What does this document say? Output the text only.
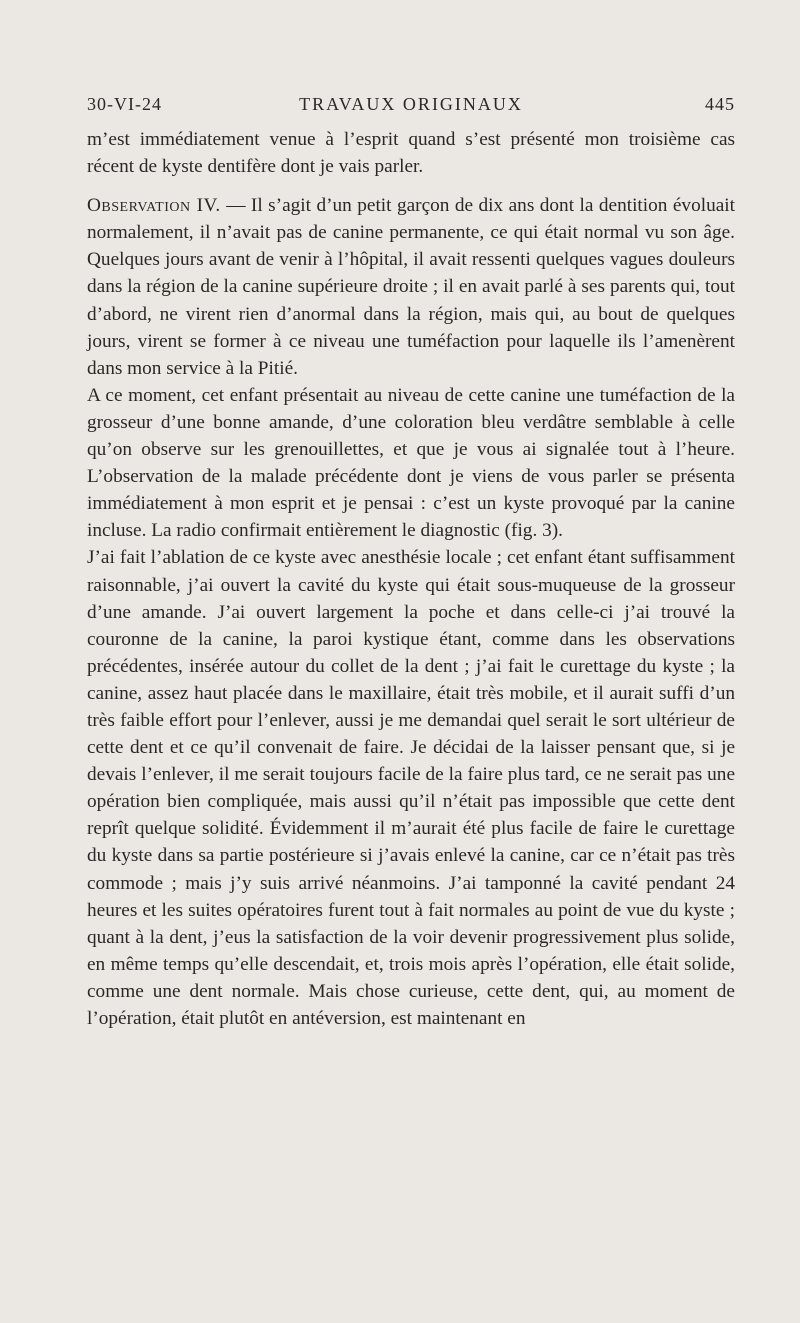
30-VI-24	TRAVAUX ORIGINAUX	445

m’est immédiatement venue à l’esprit quand s’est présenté mon troisième cas récent de kyste dentifère dont je vais parler.

Observation IV. — Il s’agit d’un petit garçon de dix ans dont la dentition évoluait normalement, il n’avait pas de canine permanente, ce qui était normal vu son âge. Quelques jours avant de venir à l’hôpital, il avait ressenti quelques vagues douleurs dans la région de la canine supérieure droite ; il en avait parlé à ses parents qui, tout d’abord, ne virent rien d’anormal dans la région, mais qui, au bout de quelques jours, virent se former à ce niveau une tuméfaction pour laquelle ils l’amenèrent dans mon service à la Pitié.

A ce moment, cet enfant présentait au niveau de cette canine une tuméfaction de la grosseur d’une bonne amande, d’une coloration bleu verdâtre semblable à celle qu’on observe sur les grenouillettes, et que je vous ai signalée tout à l’heure. L’observation de la malade précédente dont je viens de vous parler se présenta immédiatement à mon esprit et je pensai : c’est un kyste provoqué par la canine incluse. La radio confirmait entièrement le diagnostic (fig. 3).

J’ai fait l’ablation de ce kyste avec anesthésie locale ; cet enfant étant suffisamment raisonnable, j’ai ouvert la cavité du kyste qui était sous-muqueuse de la grosseur d’une amande. J’ai ouvert largement la poche et dans celle-ci j’ai trouvé la couronne de la canine, la paroi kystique étant, comme dans les observations précédentes, insérée autour du collet de la dent ; j’ai fait le curettage du kyste ; la canine, assez haut placée dans le maxillaire, était très mobile, et il aurait suffi d’un très faible effort pour l’enlever, aussi je me demandai quel serait le sort ultérieur de cette dent et ce qu’il convenait de faire. Je décidai de la laisser pensant que, si je devais l’enlever, il me serait toujours facile de la faire plus tard, ce ne serait pas une opération bien compliquée, mais aussi qu’il n’était pas impossible que cette dent reprît quelque solidité. Évidemment il m’aurait été plus facile de faire le curettage du kyste dans sa partie postérieure si j’avais enlevé la canine, car ce n’était pas très commode ; mais j’y suis arrivé néanmoins. J’ai tamponné la cavité pendant 24 heures et les suites opératoires furent tout à fait normales au point de vue du kyste ; quant à la dent, j’eus la satisfaction de la voir devenir progressivement plus solide, en même temps qu’elle descendait, et, trois mois après l’opération, elle était solide, comme une dent normale. Mais chose curieuse, cette dent, qui, au moment de l’opération, était plutôt en antéversion, est maintenant en
